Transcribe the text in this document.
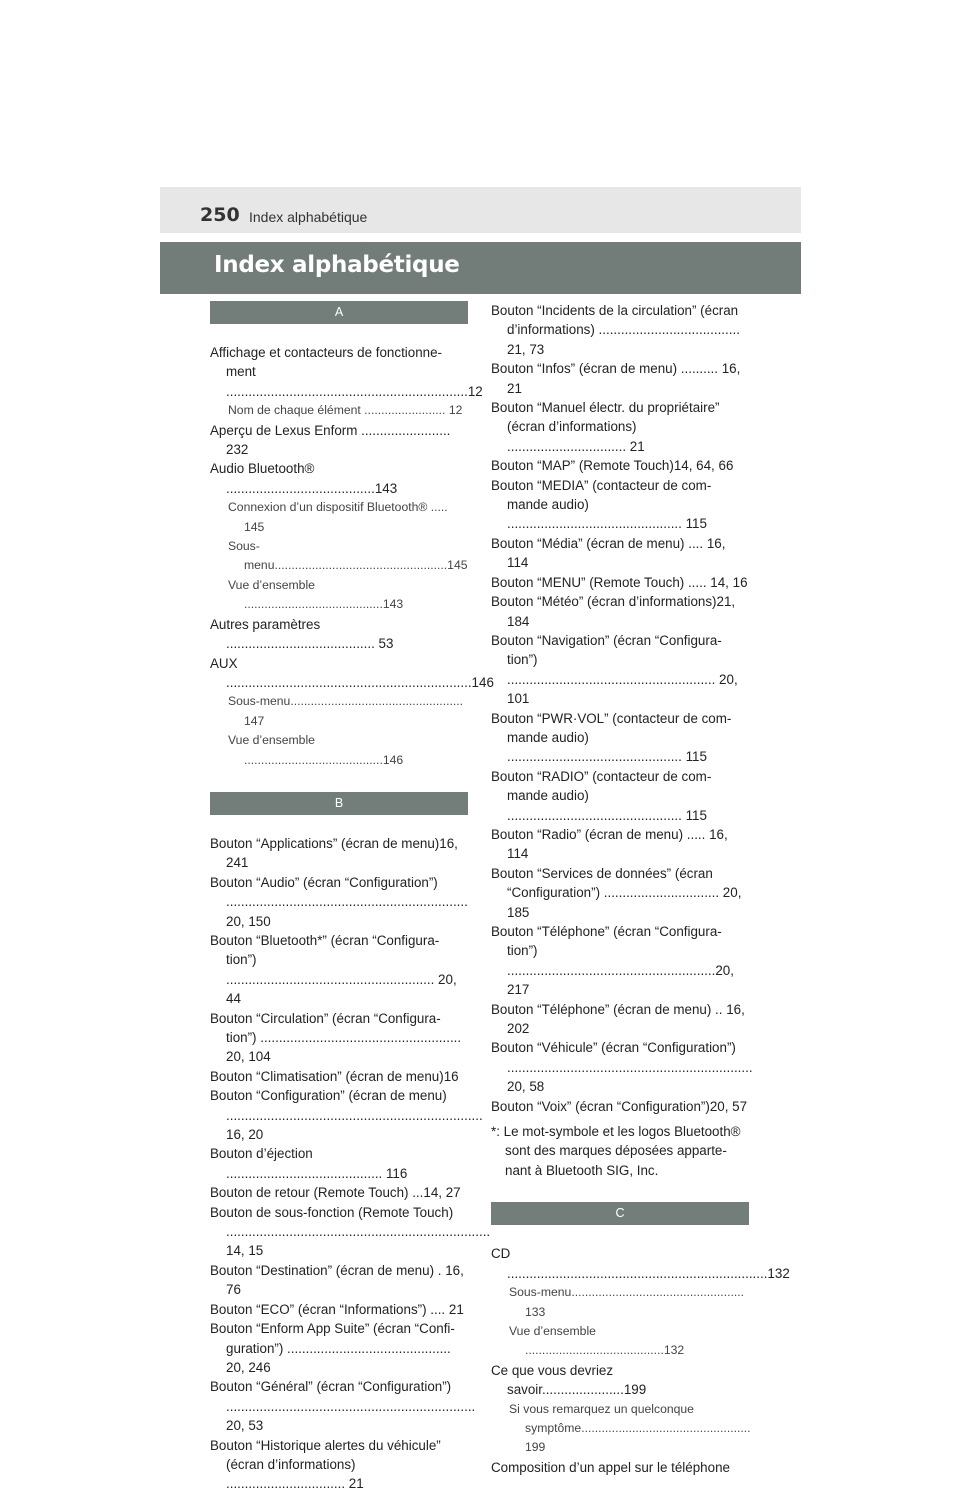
250 Index alphabétique
Index alphabétique
A
Affichage et contacteurs de fonctionne-ment .................................................................12
Nom de chaque élément ........................ 12
Aperçu de Lexus Enform ........................ 232
Audio Bluetooth® ........................................143
Connexion d’un dispositif Bluetooth® ..... 145
Sous-menu...................................................145
Vue d’ensemble .........................................143
Autres paramètres ........................................ 53
AUX ..................................................................146
Sous-menu................................................... 147
Vue d’ensemble .........................................146
B
Bouton “Applications” (écran de menu)16, 241
Bouton “Audio” (écran “Configuration”) ................................................................. 20, 150
Bouton “Bluetooth*” (écran “Configura-tion”) ........................................................ 20, 44
Bouton “Circulation” (écran “Configura-tion”) ...................................................... 20, 104
Bouton “Climatisation” (écran de menu)16
Bouton “Configuration” (écran de menu) ..................................................................... 16, 20
Bouton d’éjection .......................................... 116
Bouton de retour (Remote Touch) ...14, 27
Bouton de sous-fonction (Remote Touch) ....................................................................... 14, 15
Bouton “Destination” (écran de menu) . 16, 76
Bouton “ECO” (écran “Informations”) .... 21
Bouton “Enform App Suite” (écran “Confi-guration”) ............................................ 20, 246
Bouton “Général” (écran “Configuration”) ................................................................... 20, 53
Bouton “Historique alertes du véhicule” (écran d’informations) ................................ 21
Bouton “Incidents de la circulation” (écran d’informations) ...................................... 21, 73
Bouton “Infos” (écran de menu) .......... 16, 21
Bouton “Manuel électr. du propriétaire” (écran d’informations) ................................ 21
Bouton “MAP” (Remote Touch)14, 64, 66
Bouton “MEDIA” (contacteur de com-mande audio) ............................................... 115
Bouton “Média” (écran de menu) .... 16, 114
Bouton “MENU” (Remote Touch) ..... 14, 16
Bouton “Météo” (écran d’informations)21, 184
Bouton “Navigation” (écran “Configura-tion”) ........................................................ 20, 101
Bouton “PWR·VOL” (contacteur de com-mande audio) ............................................... 115
Bouton “RADIO” (contacteur de com-mande audio) ............................................... 115
Bouton “Radio” (écran de menu) ..... 16, 114
Bouton “Services de données” (écran “Configuration”) ............................... 20, 185
Bouton “Téléphone” (écran “Configura-tion”) ........................................................20, 217
Bouton “Téléphone” (écran de menu) .. 16, 202
Bouton “Véhicule” (écran “Configuration”) .................................................................. 20, 58
Bouton “Voix” (écran “Configuration”)20, 57
*: Le mot-symbole et les logos Bluetooth® sont des marques déposées apparte-nant à Bluetooth SIG, Inc.
C
CD ......................................................................132
Sous-menu................................................... 133
Vue d’ensemble .........................................132
Ce que vous devriez savoir......................199
Si vous remarquez un quelconque symptôme.................................................. 199
Composition d’un appel sur le téléphone
